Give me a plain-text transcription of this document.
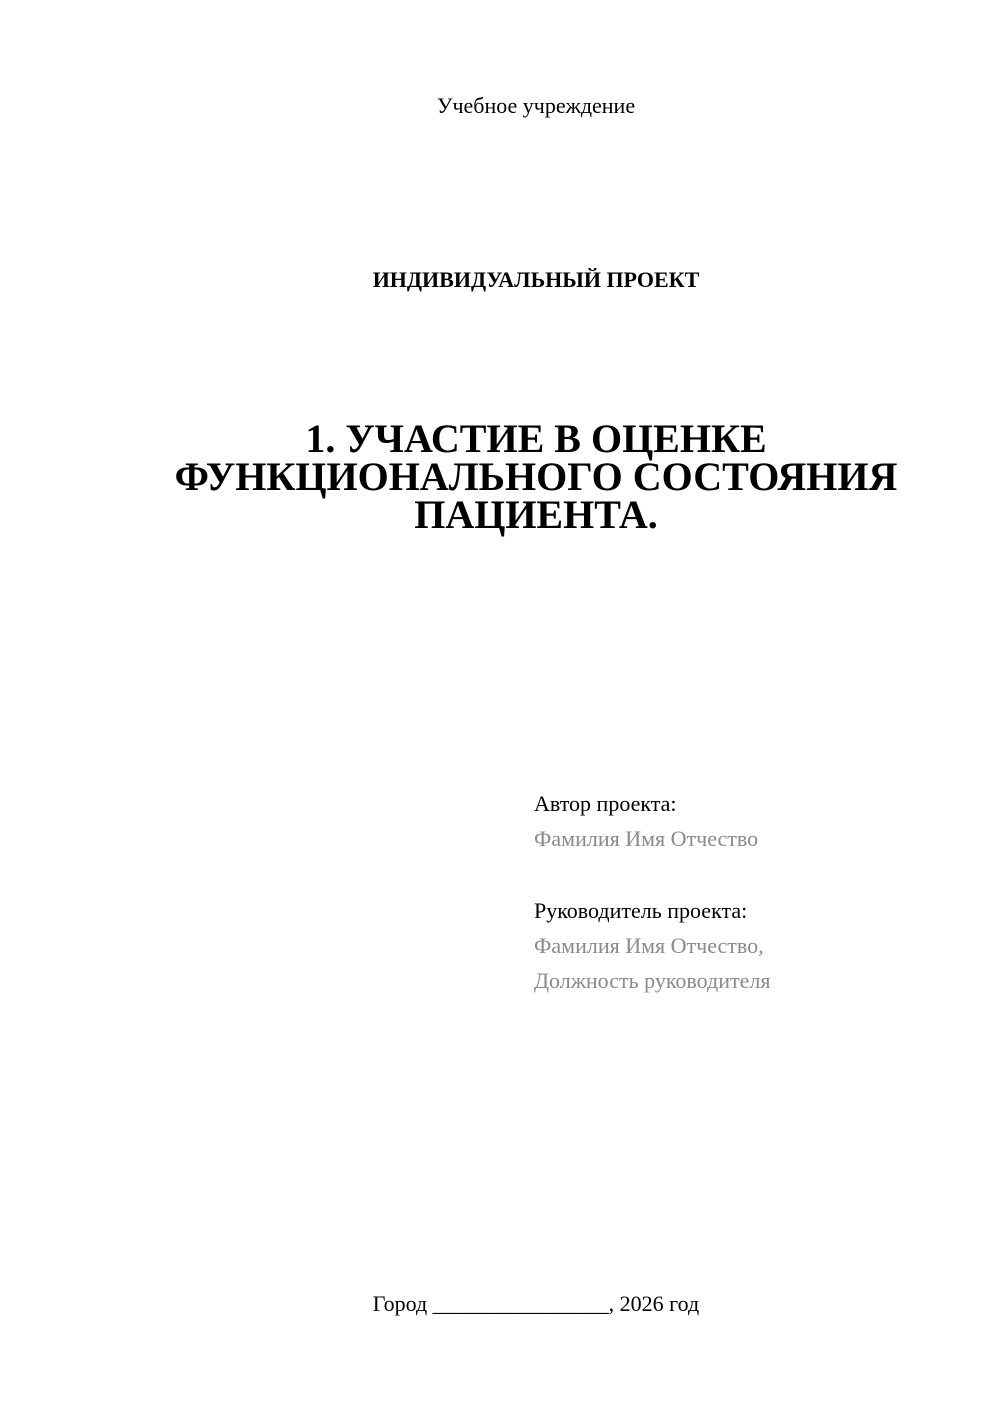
Учебное учреждение
ИНДИВИДУАЛЬНЫЙ ПРОЕКТ
1. УЧАСТИЕ В ОЦЕНКЕ
ФУНКЦИОНАЛЬНОГО СОСТОЯНИЯ
ПАЦИЕНТА.
Автор проекта:
Фамилия Имя Отчество
Руководитель проекта:
Фамилия Имя Отчество,
Должность руководителя
Город ________________, 2026 год
